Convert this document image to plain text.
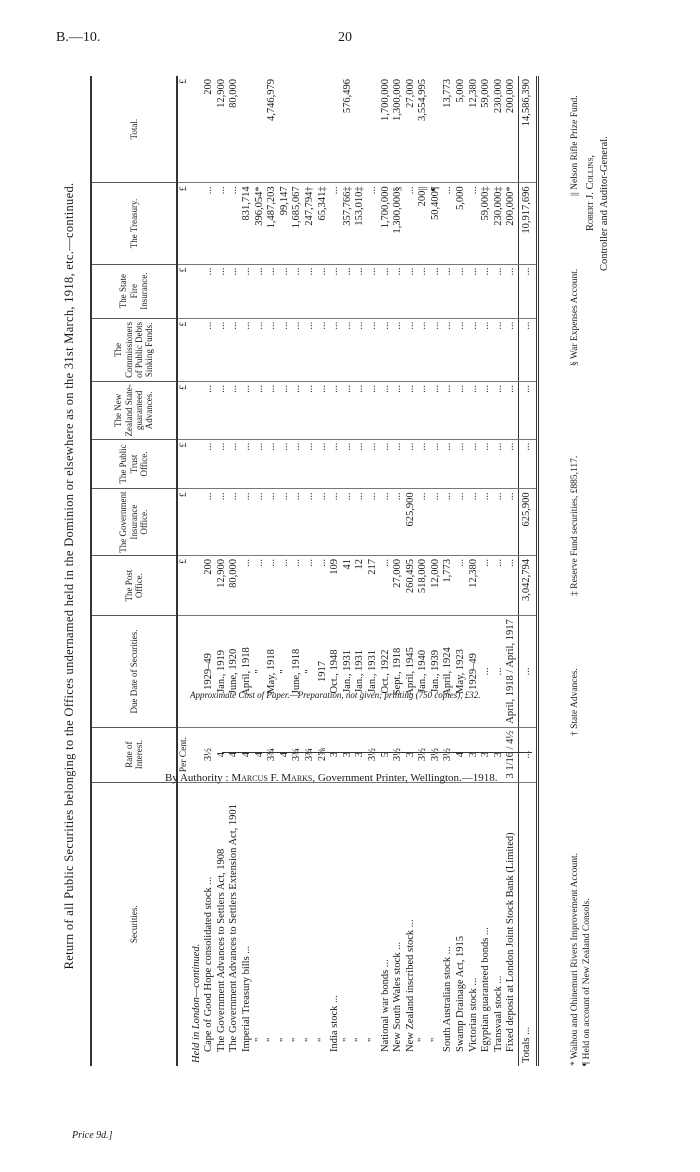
B.—10.	20
Return of all Public Securities belonging to the Offices undernamed held in the Dominion or elsewhere as on the 31st March, 1918, etc.—continued.	Securities.	Rate of Interest.	Due Date of Securities.	The Post Office.	The Government Insurance Office.	The Public Trust Office.	The New Zealand State-guaranteed Advances.	The Commissioners of Public Debts Sinking Funds.	The State Fire Insurance.	The Treasury.	Total.
	Per Cent.		£	£	£	£	£	£	£	£
Held in London—continued.										
Cape of Good Hope consolidated stock ...	3½	1929–49	200	...	...	...	...	...	...	200
The Government Advances to Settlers Act, 1908	4	Jan., 1919	12,900	...	...	...	...	...	...	12,900
The Government Advances to Settlers Extension Act, 1901	4	June, 1920	80,000	...	...	...	...	...	...	80,000
Imperial Treasury bills ...	4	April, 1918	...	...	...	...	...	...	831,714	
"	4	"	...	...	...	...	...	...	396,054*	
"	3¾	May, 1918	...	...	...	...	...	...	1,487,203	4,746,979
"	4	"	...	...	...	...	...	...	99,147	
"	3¾	June, 1918	...	...	...	...	...	...	1,685,067	
"	3¾	"	...	...	...	...	...	...	247,794†	
"	2⅝	1917	...	...	...	...	...	...	65,341‡	
India stock ...	3	Oct., 1948	109	...	...	...	...	...	...	
"	3	Jan., 1931	41	...	...	...	...	...	357,766‡	576,496
"	3	Jan., 1931	12	...	...	...	...	...	153,010‡	
"	3½	Jan., 1931	217	...	...	...	...	...	...	
National war bonds ...	5	Oct., 1922	...	...	...	...	...	...	1,700,000	1,700,000
New South Wales stock ...	3½	Sept., 1918	27,000	...	...	...	...	...	1,300,000§	1,300,000
New Zealand inscribed stock ...	3	April, 1945	260,495	625,900	...	...	...	...	...	27,000
"	3½	Jan., 1940	518,000	...	...	...	...	...	200||	3,554,995
"	3½	Jan., 1939	12,000	...	...	...	...	...	50,400¶	
South Australian stock ...	3½	April, 1924	1,773	...	...	...	...	...	...	13,773
Swamp Drainage Act, 1915	4	May, 1923	...	...	...	...	...	...	5,000	5,000
Victorian stock ...	3	1929–49	12,380	...	...	...	...	...	...	12,380
Egyptian guaranteed bonds ...	3	...	...	...	...	...	...	...	59,000‡	59,000
Transvaal stock ...	3	...	...	...	...	...	...	...	230,000‡	230,000
Fixed deposit at London Joint Stock Bank (Limited)	3 1/16 / 4½	April, 1918 / April, 1917	...	...	...	...	...	...	200,000*	200,000
Totals ...	...	...	3,042,794	625,900	...	...	...	...	10,917,696	14,586,390
* Waihou and Ohinemuri Rivers Improvement Account. ¶ Held on account of New Zealand Consols.
† State Advances.
‡ Reserve Fund securities, £885,117.
§ War Expenses Account.
|| Nelson Rifle Prize Fund. Robert J. Collins, Controller and Auditor-General.
Approximate Cost of Paper.—Preparation, not given; printing (750 copies), £32.
By Authority : Marcus F. Marks, Government Printer, Wellington.—1918.
Price 9d.]
